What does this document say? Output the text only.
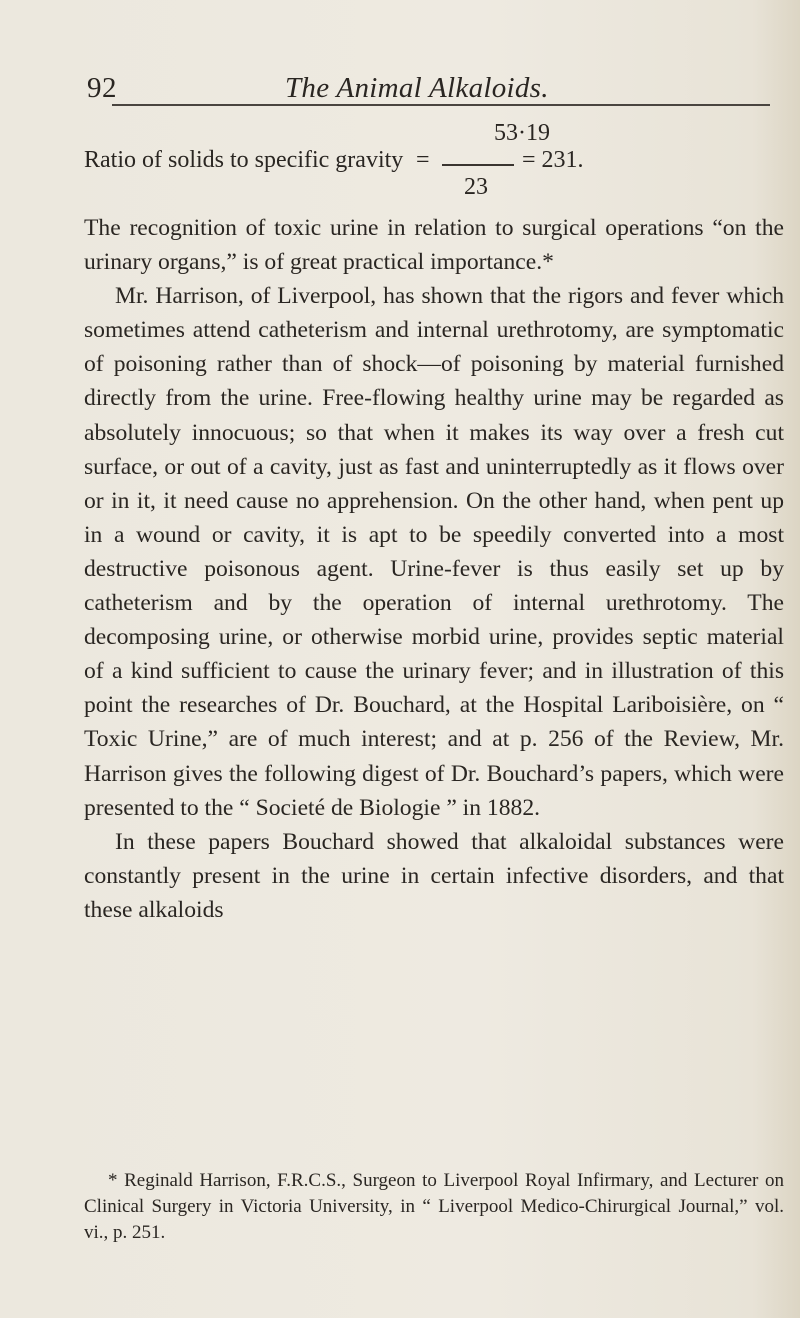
92	The Animal Alkaloids.
53·19
Ratio of solids to specific gravity =	= 231.
23

The recognition of toxic urine in relation to surgical operations “on the urinary organs,” is of great practical importance.*

Mr. Harrison, of Liverpool, has shown that the rigors and fever which sometimes attend catheterism and internal urethrotomy, are symptomatic of poisoning rather than of shock—of poisoning by material furnished directly from the urine. Free-flowing healthy urine may be regarded as absolutely innocuous; so that when it makes its way over a fresh cut surface, or out of a cavity, just as fast and uninterruptedly as it flows over or in it, it need cause no apprehension. On the other hand, when pent up in a wound or cavity, it is apt to be speedily converted into a most destructive poisonous agent. Urine-fever is thus easily set up by catheterism and by the operation of internal urethrotomy. The decomposing urine, or otherwise morbid urine, provides septic material of a kind sufficient to cause the urinary fever; and in illustration of this point the researches of Dr. Bouchard, at the Hospital Lariboisière, on “ Toxic Urine,” are of much interest; and at p. 256 of the Review, Mr. Harrison gives the following digest of Dr. Bouchard’s papers, which were presented to the “ Societé de Biologie ” in 1882.

In these papers Bouchard showed that alkaloidal substances were constantly present in the urine in certain infective disorders, and that these alkaloids

* Reginald Harrison, F.R.C.S., Surgeon to Liverpool Royal Infirmary, and Lecturer on Clinical Surgery in Victoria University, in “ Liverpool Medico-Chirurgical Journal,” vol. vi., p. 251.
